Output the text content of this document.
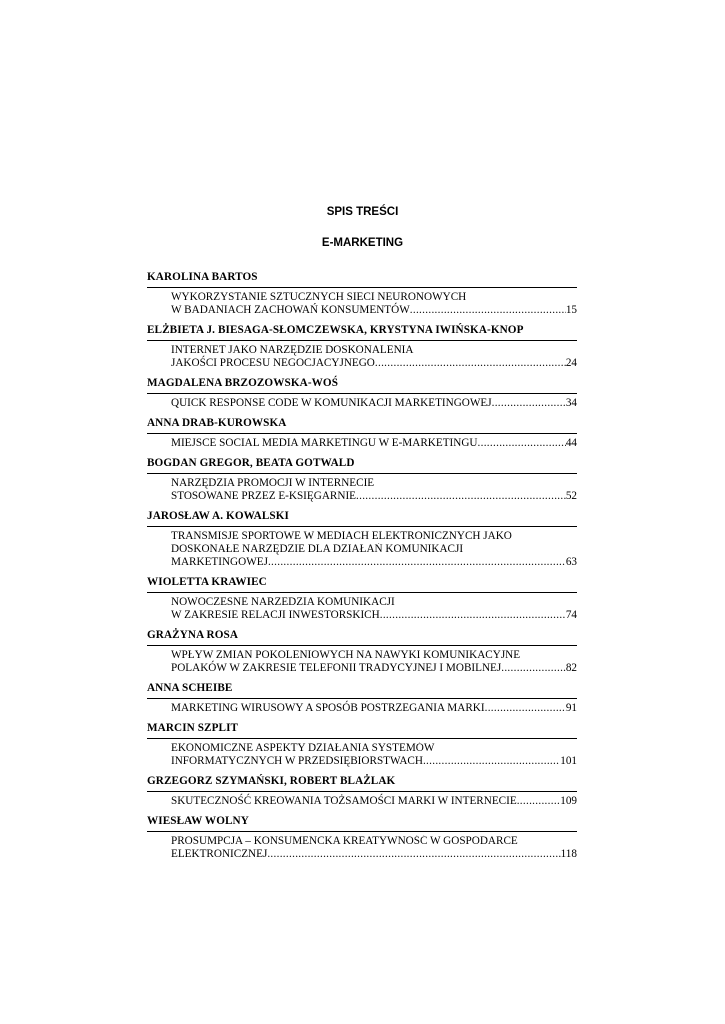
SPIS TREŚCI
E-MARKETING
KAROLINA BARTOS
WYKORZYSTANIE SZTUCZNYCH SIECI NEURONOWYCH
W BADANIACH ZACHOWAŃ KONSUMENTÓW .....	15
ELŻBIETA J. BIESAGA-SŁOMCZEWSKA, KRYSTYNA IWIŃSKA-KNOP
INTERNET JAKO NARZĘDZIE DOSKONALENIA
JAKOŚCI PROCESU NEGOCJACYJNEGO .....	24
MAGDALENA BRZOZOWSKA-WOŚ
QUICK RESPONSE CODE W KOMUNIKACJI MARKETINGOWEJ .....	34
ANNA DRAB-KUROWSKA
MIEJSCE SOCIAL MEDIA MARKETINGU W E-MARKETINGU .....	44
BOGDAN GREGOR, BEATA GOTWALD
NARZĘDZIA PROMOCJI W INTERNECIE
STOSOWANE PRZEZ E-KSIĘGARNIE .....	52
JAROSŁAW A. KOWALSKI
TRANSMISJE SPORTOWE W MEDIACH ELEKTRONICZNYCH JAKO
DOSKONAŁE NARZĘDZIE DLA DZIAŁAŃ KOMUNIKACJI
MARKETINGOWEJ .....	63
WIOLETTA KRAWIEC
NOWOCZESNE NARZEDZIA KOMUNIKACJI
W ZAKRESIE RELACJI INWESTORSKICH .....	74
GRAŻYNA ROSA
WPŁYW ZMIAN POKOLENIOWYCH NA NAWYKI KOMUNIKACYJNE
POLAKÓW W ZAKRESIE TELEFONII TRADYCYJNEJ I MOBILNEJ .....	82
ANNA SCHEIBE
MARKETING WIRUSOWY A SPOSÓB POSTRZEGANIA MARKI .....	91
MARCIN SZPLIT
EKONOMICZNE ASPEKTY DZIAŁANIA SYSTEMÓW
INFORMATYCZNYCH W PRZEDSIĘBIORSTWACH .....	101
GRZEGORZ SZYMAŃSKI, ROBERT BLAŻLAK
SKUTECZNOŚĆ KREOWANIA TOŻSAMOŚCI MARKI W INTERNECIE .....	109
WIESŁAW WOLNY
PROSUMPCJA – KONSUMENCKA KREATYWNOŚĆ W GOSPODARCE
ELEKTRONICZNEJ .....	118
